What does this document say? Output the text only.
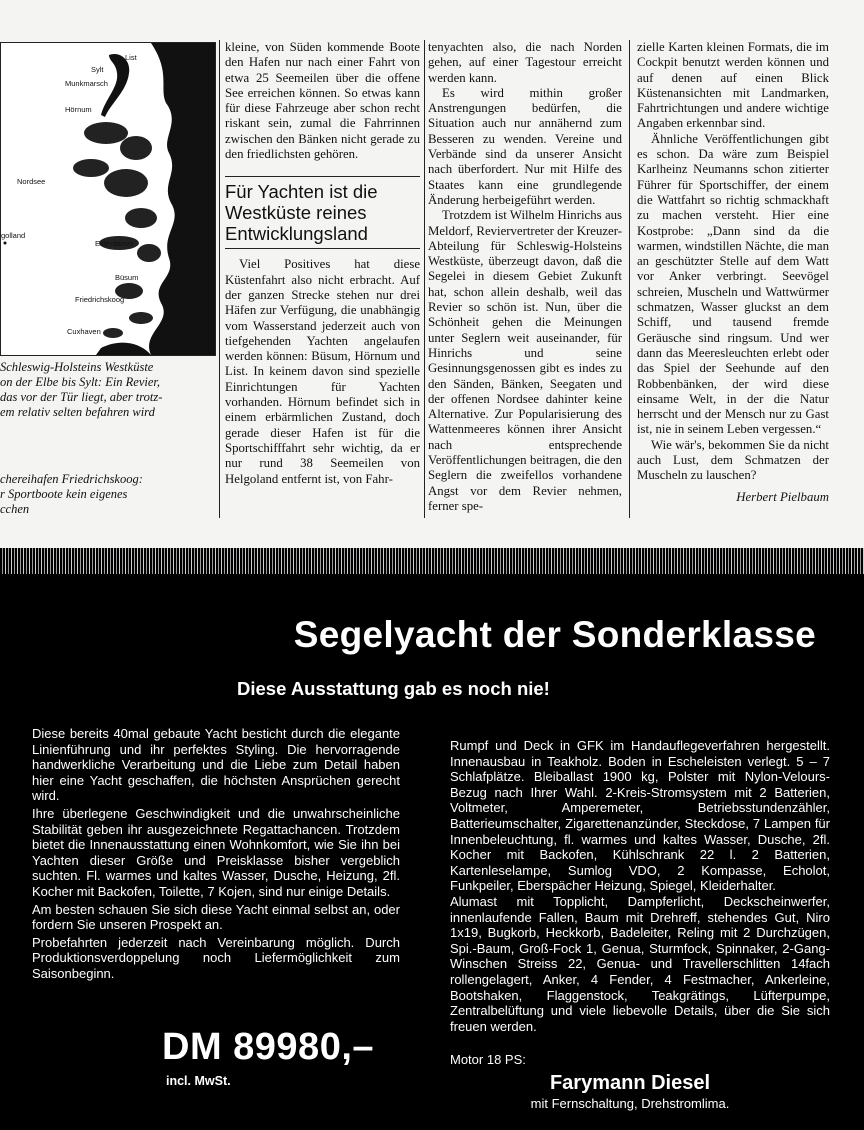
List
Sylt
Munkmarsch
Hörnum
Nordsee
golland
Eiderdamm
Büsum
Friedrichskoog
Cuxhaven
Schleswig-Holsteins Westküste
on der Elbe bis Sylt: Ein Revier,
das vor der Tür liegt, aber trotz-
em relativ selten befahren wird
chereihafen Friedrichskoog:
r Sportboote kein eigenes
cchen

kleine, von Süden kommende Boote den Hafen nur nach einer Fahrt von etwa 25 Seemeilen über die offene See erreichen können. So etwas kann für diese Fahrzeuge aber schon recht riskant sein, zumal die Fahrrinnen zwischen den Bänken nicht gerade zu den friedlichsten gehören.

Für Yachten ist die Westküste reines Entwicklungsland

Viel Positives hat diese Küstenfahrt also nicht erbracht. Auf der ganzen Strecke stehen nur drei Häfen zur Verfügung, die unabhängig vom Wasserstand jederzeit auch von tiefgehenden Yachten angelaufen werden können: Büsum, Hörnum und List. In keinem davon sind spezielle Einrichtungen für Yachten vorhanden. Hörnum befindet sich in einem erbärmlichen Zustand, doch gerade dieser Hafen ist für die Sportschifffahrt sehr wichtig, da er nur rund 38 Seemeilen von Helgoland entfernt ist, von Fahr-

tenyachten also, die nach Norden gehen, auf einer Tagestour erreicht werden kann.

Es wird mithin großer Anstrengungen bedürfen, die Situation auch nur annähernd zum Besseren zu wenden. Vereine und Verbände sind da unserer Ansicht nach überfordert. Nur mit Hilfe des Staates kann eine grundlegende Änderung herbeigeführt werden.

Trotzdem ist Wilhelm Hinrichs aus Meldorf, Reviervertreter der Kreuzer-Abteilung für Schleswig-Holsteins Westküste, überzeugt davon, daß die Segelei in diesem Gebiet Zukunft hat, schon allein deshalb, weil das Revier so schön ist. Nun, über die Schönheit gehen die Meinungen unter Seglern weit auseinander, für Hinrichs und seine Gesinnungsgenossen gibt es indes zu den Sänden, Bänken, Seegaten und der offenen Nordsee dahinter keine Alternative. Zur Popularisierung des Wattenmeeres können ihrer Ansicht nach entsprechende Veröffentlichungen beitragen, die den Seglern die zweifellos vorhandene Angst vor dem Revier nehmen, ferner spe-

zielle Karten kleinen Formats, die im Cockpit benutzt werden können und auf denen auf einen Blick Küstenansichten mit Landmarken, Fahrtrichtungen und andere wichtige Angaben erkennbar sind.

Ähnliche Veröffentlichungen gibt es schon. Da wäre zum Beispiel Karlheinz Neumanns schon zitierter Führer für Sportschiffer, der einem die Wattfahrt so richtig schmackhaft zu machen versteht. Hier eine Kostprobe: „Dann sind da die warmen, windstillen Nächte, die man an geschützter Stelle auf dem Watt vor Anker verbringt. Seevögel schreien, Muscheln und Wattwürmer schmatzen, Wasser gluckst an dem Schiff, und tausend fremde Geräusche sind ringsum. Und wer dann das Meeresleuchten erlebt oder das Spiel der Seehunde auf den Robbenbänken, der wird diese einsame Welt, in der die Natur herrscht und der Mensch nur zu Gast ist, nie in seinem Leben vergessen.“

Wie wär's, bekommen Sie da nicht auch Lust, dem Schmatzen der Muscheln zu lauschen?

Herbert Pielbaum
Segelyacht der Sonderklasse
Diese Ausstattung gab es noch nie!

Diese bereits 40mal gebaute Yacht besticht durch die elegante Linienführung und ihr perfektes Styling. Die hervorragende handwerkliche Verarbeitung und die Liebe zum Detail haben hier eine Yacht geschaffen, die höchsten Ansprüchen gerecht wird.

Ihre überlegene Geschwindigkeit und die unwahrscheinliche Stabilität geben ihr ausgezeichnete Regattachancen. Trotzdem bietet die Innenausstattung einen Wohnkomfort, wie Sie ihn bei Yachten dieser Größe und Preisklasse bisher vergeblich suchten. Fl. warmes und kaltes Wasser, Dusche, Heizung, 2fl. Kocher mit Backofen, Toilette, 7 Kojen, sind nur einige Details.

Am besten schauen Sie sich diese Yacht einmal selbst an, oder fordern Sie unseren Prospekt an.

Probefahrten jederzeit nach Vereinbarung möglich. Durch Produktionsverdoppelung noch Liefermöglichkeit zum Saisonbeginn.

Rumpf und Deck in GFK im Handauflegeverfahren hergestellt. Innenausbau in Teakholz. Boden in Escheleisten verlegt. 5 – 7 Schlafplätze. Bleiballast 1900 kg, Polster mit Nylon-Velours-Bezug nach Ihrer Wahl. 2-Kreis-Stromsystem mit 2 Batterien, Voltmeter, Amperemeter, Betriebsstundenzähler, Batterieumschalter, Zigarettenanzünder, Steckdose, 7 Lampen für Innenbeleuchtung, fl. warmes und kaltes Wasser, Dusche, 2fl. Kocher mit Backofen, Kühlschrank 22 l. 2 Batterien, Kartenleselampe, Sumlog VDO, 2 Kompasse, Echolot, Funkpeiler, Eberspächer Heizung, Spiegel, Kleiderhalter.

Alumast mit Topplicht, Dampferlicht, Deckscheinwerfer, innenlaufende Fallen, Baum mit Drehreff, stehendes Gut, Niro 1x19, Bugkorb, Heckkorb, Badeleiter, Reling mit 2 Durchzügen, Spi.-Baum, Groß-Fock 1, Genua, Sturmfock, Spinnaker, 2-Gang-Winschen Streiss 22, Genua- und Travellerschlitten 14fach rollengelagert, Anker, 4 Fender, 4 Festmacher, Ankerleine, Bootshaken, Flaggenstock, Teakgrätings, Lüfterpumpe, Zentralbelüftung und viele liebevolle Details, über die Sie sich freuen werden.

DM 89980,–
incl. MwSt.
Motor 18 PS:
Farymann Diesel
mit Fernschaltung, Drehstromlima.
